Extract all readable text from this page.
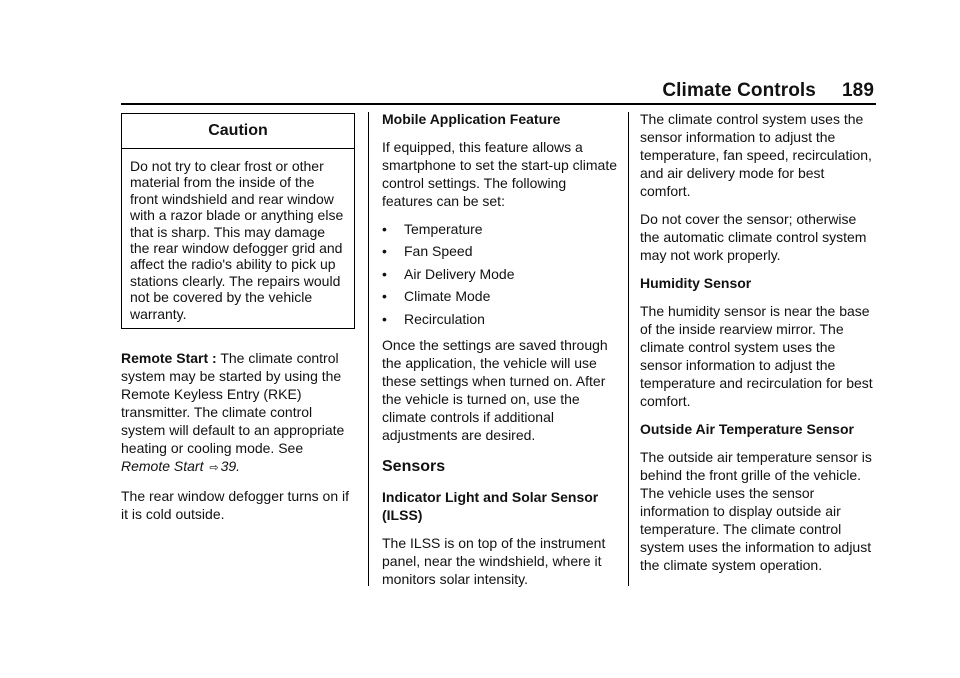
Climate Controls 189
Caution
Do not try to clear frost or other material from the inside of the front windshield and rear window with a razor blade or anything else that is sharp. This may damage the rear window defogger grid and affect the radio's ability to pick up stations clearly. The repairs would not be covered by the vehicle warranty.

Remote Start : The climate control system may be started by using the Remote Keyless Entry (RKE) transmitter. The climate control system will default to an appropriate heating or cooling mode. See Remote Start ⇨ 39.

The rear window defogger turns on if it is cold outside.

Mobile Application Feature

If equipped, this feature allows a smartphone to set the start-up climate control settings. The following features can be set:

•	Temperature
•	Fan Speed
•	Air Delivery Mode
•	Climate Mode
•	Recirculation

Once the settings are saved through the application, the vehicle will use these settings when turned on. After the vehicle is turned on, use the climate controls if additional adjustments are desired.

Sensors
Indicator Light and Solar Sensor (ILSS)

The ILSS is on top of the instrument panel, near the windshield, where it monitors solar intensity.

The climate control system uses the sensor information to adjust the temperature, fan speed, recirculation, and air delivery mode for best comfort.

Do not cover the sensor; otherwise the automatic climate control system may not work properly.

Humidity Sensor

The humidity sensor is near the base of the inside rearview mirror. The climate control system uses the sensor information to adjust the temperature and recirculation for best comfort.

Outside Air Temperature Sensor

The outside air temperature sensor is behind the front grille of the vehicle. The vehicle uses the sensor information to display outside air temperature. The climate control system uses the information to adjust the climate system operation.
